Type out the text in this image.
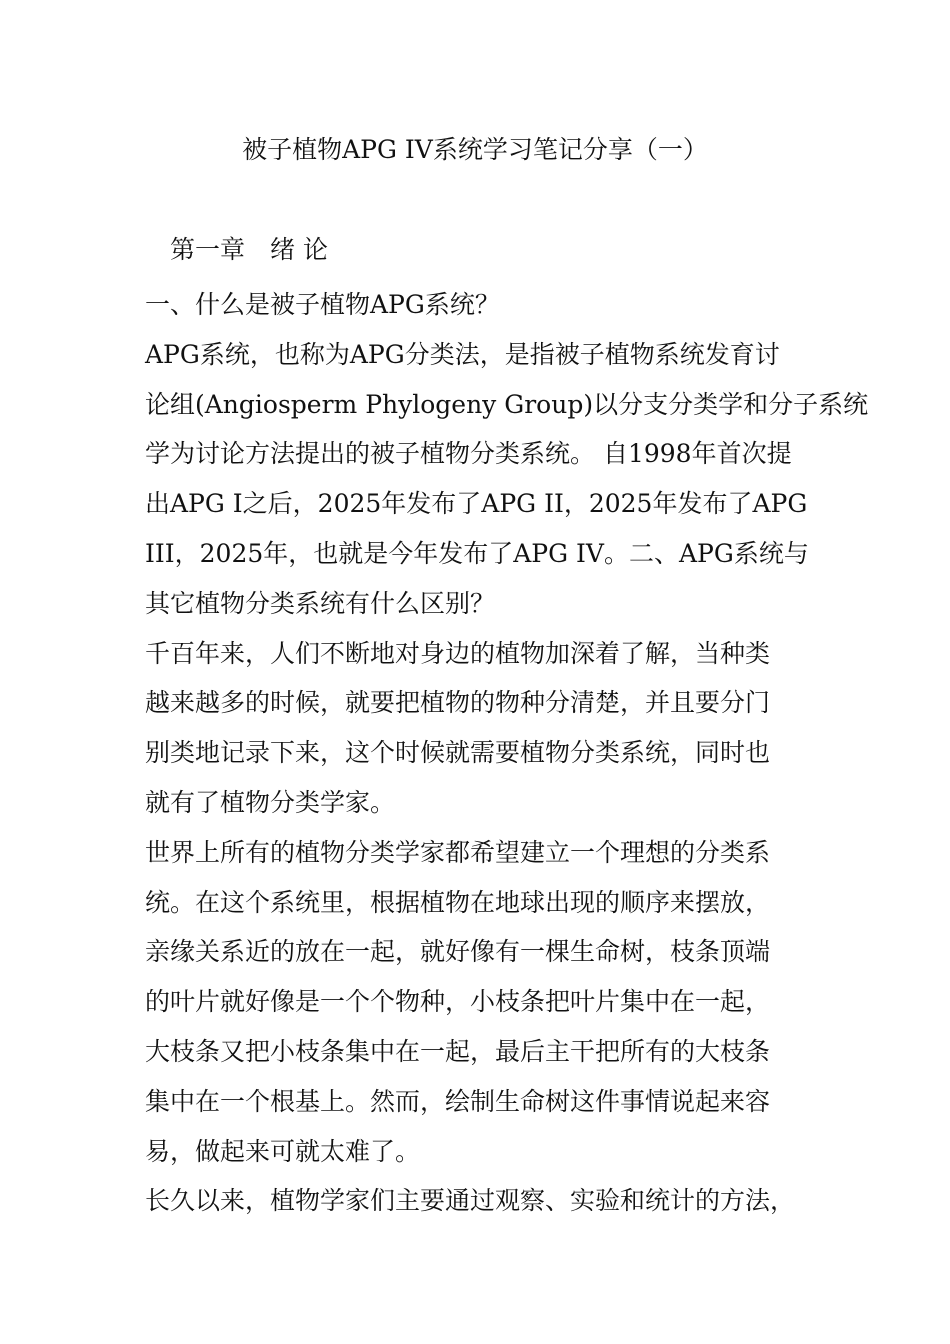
被子植物APG IV系统学习笔记分享（一）
第一章　绪 论
一、什么是被子植物APG系统？
APG系统，也称为APG分类法，是指被子植物系统发育讨
论组(Angiosperm Phylogeny Group)以分支分类学和分子系统
学为讨论方法提出的被子植物分类系统。 自1998年首次提
出APG I之后，2025年发布了APG II，2025年发布了APG
III，2025年，也就是今年发布了APG IV。二、APG系统与
其它植物分类系统有什么区别？
千百年来，人们不断地对身边的植物加深着了解，当种类
越来越多的时候，就要把植物的物种分清楚，并且要分门
别类地记录下来，这个时候就需要植物分类系统，同时也
就有了植物分类学家。
世界上所有的植物分类学家都希望建立一个理想的分类系
统。在这个系统里，根据植物在地球出现的顺序来摆放，
亲缘关系近的放在一起，就好像有一棵生命树，枝条顶端
的叶片就好像是一个个物种，小枝条把叶片集中在一起，
大枝条又把小枝条集中在一起，最后主干把所有的大枝条
集中在一个根基上。然而，绘制生命树这件事情说起来容
易，做起来可就太难了。
长久以来，植物学家们主要通过观察、实验和统计的方法，
